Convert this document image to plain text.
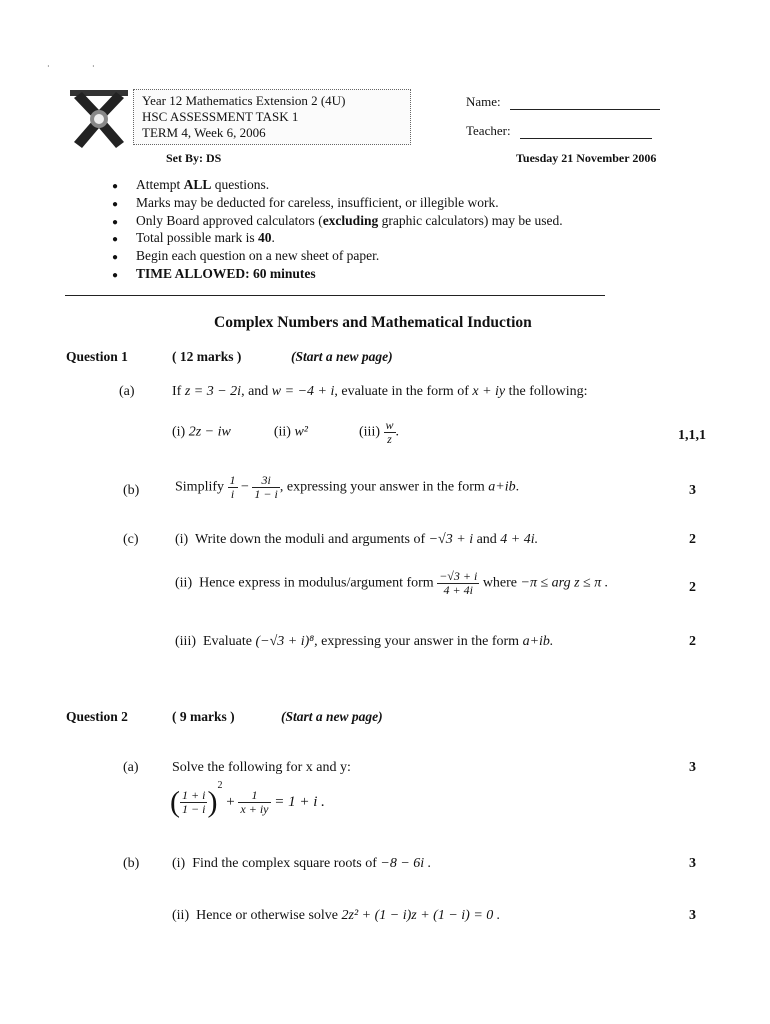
·	·
Year 12 Mathematics Extension 2 (4U)
HSC ASSESSMENT TASK 1
TERM 4, Week 6, 2006
Name:
Teacher:
Set By: DS	Tuesday 21 November 2006
● Attempt ALL questions.
● Marks may be deducted for careless, insufficient, or illegible work.
● Only Board approved calculators (excluding graphic calculators) may be used.
● Total possible mark is 40.
● Begin each question on a new sheet of paper.
● TIME ALLOWED: 60 minutes
Complex Numbers and Mathematical Induction
Question 1	( 12 marks )	(Start a new page)
(a)	If z = 3 − 2i, and w = −4 + i, evaluate in the form of x + iy the following:
(i) 2z − iw	(ii) w²	$(iii) \frac{w}{z}$ .	1,1,1
(b)	Simplify $\frac{1}{i} - \frac{3i}{1 - i}$ , expressing your answer in the form a+ib.	3
(c)	(i) Write down the moduli and arguments of −√3 + i and 4 + 4i.	2
(ii) Hence express in modulus/argument form $\frac{-√3 + i}{4 + 4i}$ where −π ≤ arg z ≤ π .	2
(iii) Evaluate (−√3 + i)⁸, expressing your answer in the form a+ib.	2
Question 2	( 9 marks )	(Start a new page)
(a) Solve the following for x and y:	3
( $\frac{1 + i}{1 - i} )^2 + \frac{1}{x + iy} = 1 + i$ .
(b) (i) Find the complex square roots of −8 − 6i .	3
(ii) Hence or otherwise solve 2z² + (1 − i)z + (1 − i) = 0 .	3
